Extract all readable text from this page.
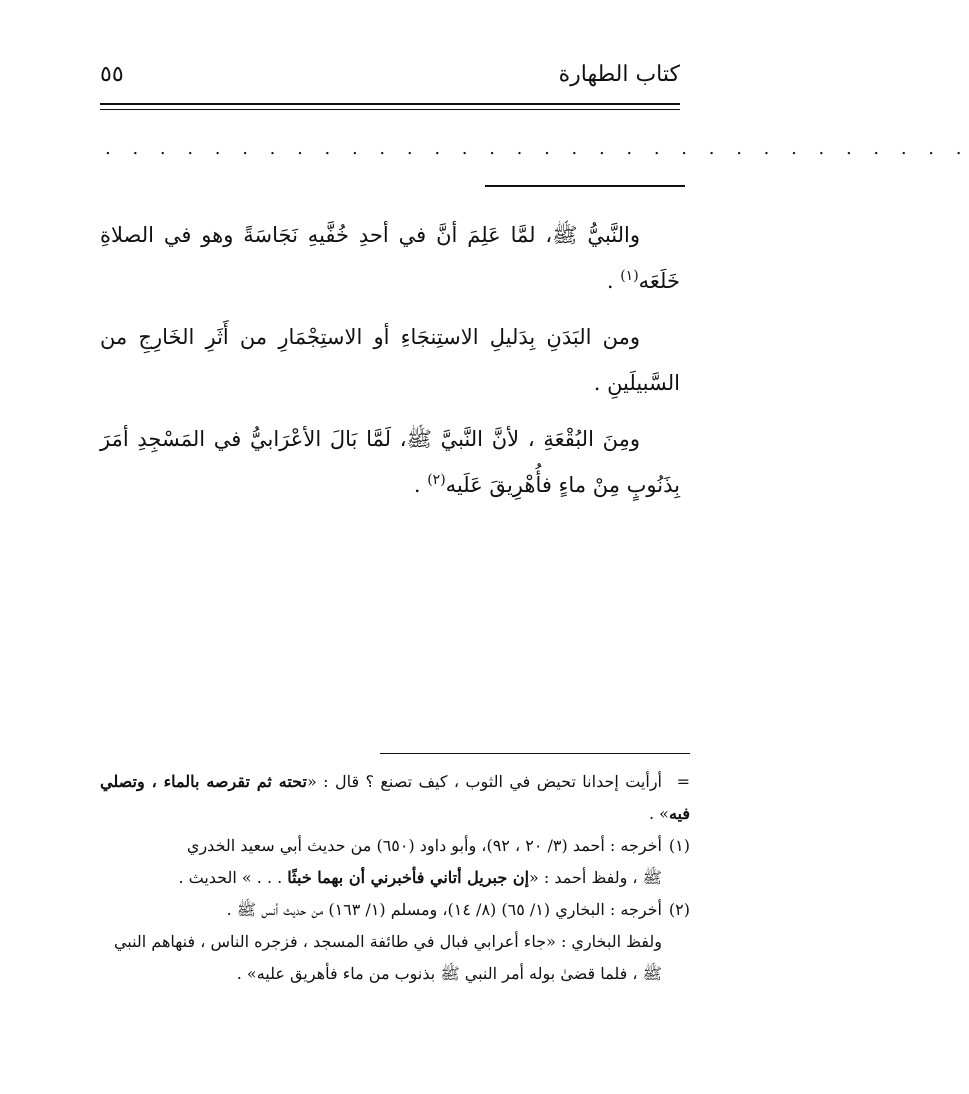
كتاب الطهارة
٥٥
. . . . . . . . . . . . . . . . . . . . . . . . . . . . . . . .

والنَّبيُّ ﷺ، لمَّا عَلِمَ أنَّ في أحدِ خُفَّيهِ نَجَاسَةً وهو في الصلاةِ خَلَعَه$^{(١)}$ .

ومن البَدَنِ بِدَليلِ الاستِنجَاءِ أو الاستِجْمَارِ من أَثَرِ الخَارِجِ من السَّبيلَينِ .

ومِنَ البُقْعَةِ ، لأنَّ النَّبيَّ ﷺ، لَمَّا بَالَ الأعْرَابيُّ في المَسْجِدِ أمَرَ بِذَنُوبٍ مِنْ ماءٍ فأُهْرِيقَ عَلَيه$^{(٢)}$ .

=أرأيت إحدانا تحيض في الثوب ، كيف تصنع ؟ قال : «تحته ثم تقرصه بالماء ، وتصلي فيه» .

(١)أخرجه : أحمد (٣/ ٢٠ ، ٩٢)، وأبو داود (٦٥٠) من حديث أبي سعيد الخدري

ﷺ ، ولفظ أحمد : «إن جبريل أتاني فأخبرني أن بهما خبثًا . . . » الحديث .

(٢)أخرجه : البخاري (١/ ٦٥) (٨/ ١٤)، ومسلم (١/ ١٦٣) من حديث أنس ﷺ .

ولفظ البخاري : «جاء أعرابي فبال في طائفة المسجد ، فزجره الناس ، فنهاهم النبي

ﷺ ، فلما قضىٰ بوله أمر النبي ﷺ بذنوب من ماء فأهريق عليه» .
